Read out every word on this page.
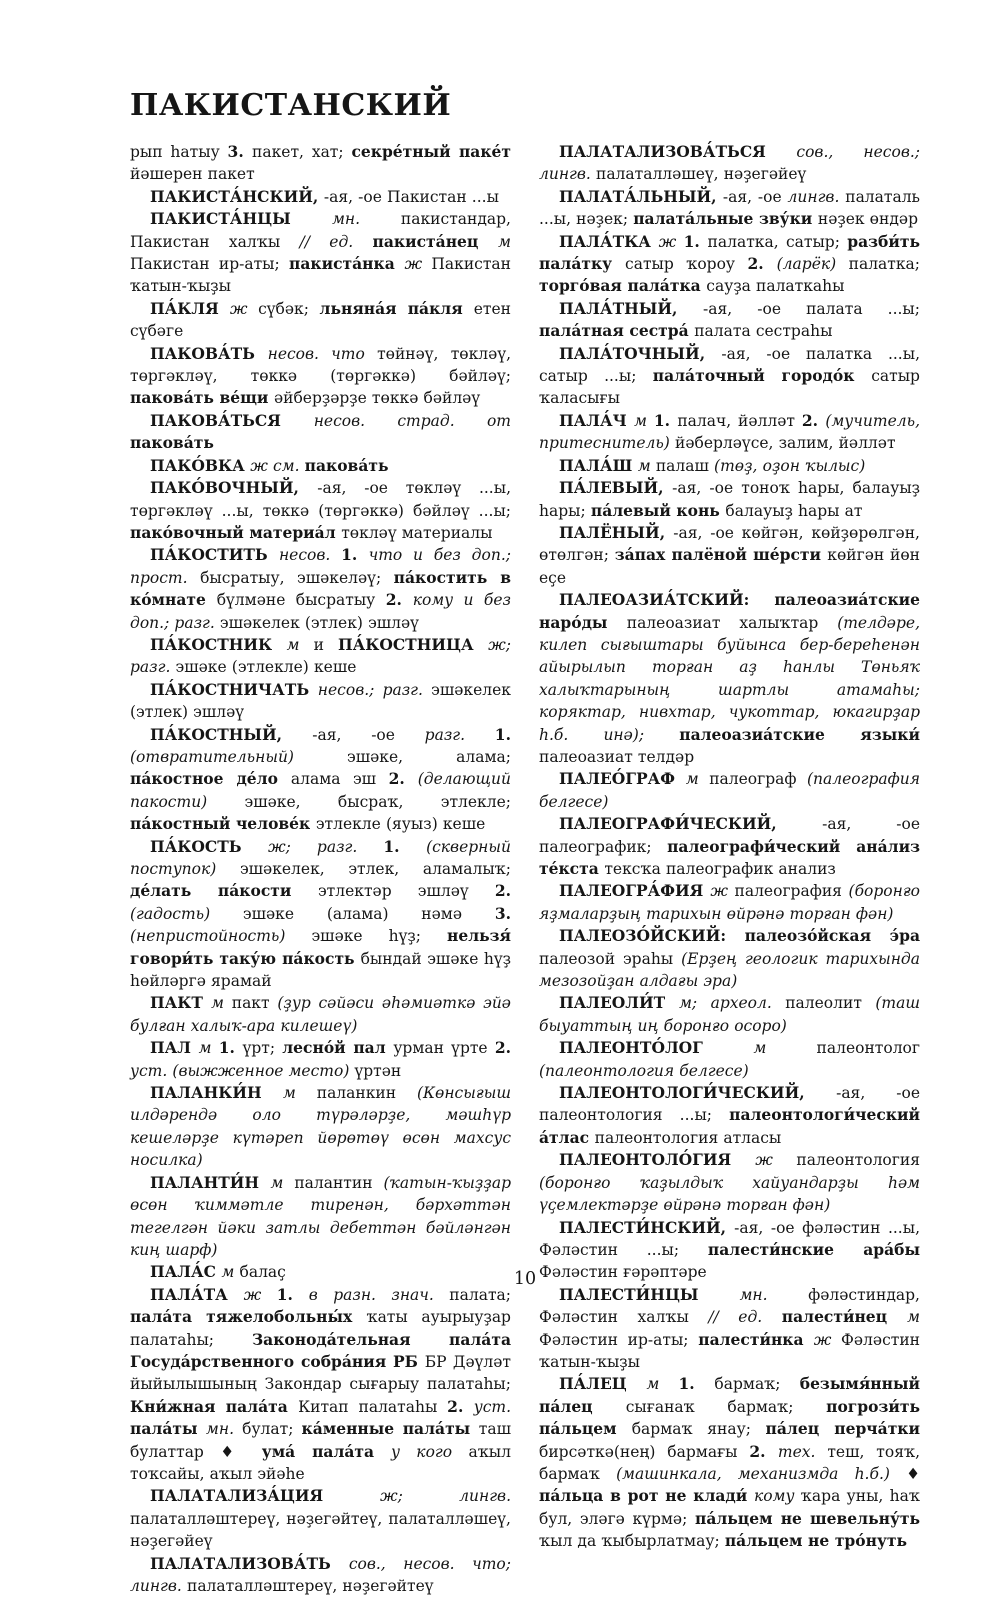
ПАКИСТАНСКИЙ

рып һатыу 3. пакет, хат; секре́тный паке́т йәшерен пакет

ПАКИСТА́НСКИЙ, -ая, -ое Пакистан ...ы

ПАКИСТА́НЦЫ мн. пакистандар, Пакистан халҡы // ед. пакиста́нец м Пакистан ир-аты; пакиста́нка ж Пакистан ҡатын-ҡыҙы

ПА́КЛЯ ж сүбәк; льняна́я па́кля етен сүбәге

ПАКОВА́ТЬ несов. что төйнәү, төкләү, төргәкләү, төккә (төргәккә) бәйләү; пакова́ть ве́щи әйберҙәрҙе төккә бәйләү

ПАКОВА́ТЬСЯ несов. страд. от пакова́ть

ПАКО́ВКА ж см. пакова́ть

ПАКО́ВОЧНЫЙ, -ая, -ое төкләү ...ы, төргәкләү ...ы, төккә (төргәккә) бәйләү ...ы; пако́вочный материа́л төкләү материалы

ПА́КОСТИТЬ несов. 1. что и без доп.; прост. бысратыу, эшәкеләү; па́костить в ко́мнате бүлмәне бысратыу 2. кому и без доп.; разг. эшәкелек (этлек) эшләү

ПА́КОСТНИК м и ПА́КОСТНИЦА ж; разг. эшәке (этлекле) кеше

ПА́КОСТНИЧАТЬ несов.; разг. эшәкелек (этлек) эшләү

ПА́КОСТНЫЙ, -ая, -ое разг. 1. (отвратительный) эшәке, алама; па́костное де́ло алама эш 2. (делающий пакости) эшәке, бысраҡ, этлекле; па́костный челове́к этлекле (яуыз) кеше

ПА́КОСТЬ ж; разг. 1. (скверный поступок) эшәкелек, этлек, аламалыҡ; де́лать па́кости этлектәр эшләү 2. (гадость) эшәке (алама) нәмә 3. (непристойность) эшәке һүҙ; нельзя́ говори́ть таку́ю па́кость бындай эшәке һүҙ һөйләргә ярамай

ПАКТ м пакт (ҙур сәйәси әһәмиәткә эйә булған халыҡ-ара килешеү)

ПАЛ м 1. үрт; лесно́й пал урман үрте 2. уст. (выжженное место) үртән

ПАЛАНКИ́Н м паланкин (Көнсығыш илдәрендә оло түрәләрҙе, мәшһүр кешеләрҙе күтәреп йөрөтөү өсөн махсус носилка)

ПАЛАНТИ́Н м палантин (ҡатын-ҡыҙҙар өсөн ҡиммәтле тиренән, бәрхәттән тегелгән йәки затлы дебеттән бәйләнгән киң шарф)

ПАЛА́С м балаҫ

ПАЛА́ТА ж 1. в разн. знач. палата; пала́та тяжелобольны́х ҡаты ауырыуҙар палатаһы; Законода́тельная пала́та Госуда́рственного собра́ния РБ БР Дәүләт йыйылышының Закондар сығарыу палатаһы; Кни́жная пала́та Китап палатаһы 2. уст. пала́ты мн. булат; ка́менные пала́ты таш булаттар ♦ ума́ пала́та у кого аҡыл тоҡсайы, аҡыл эйәһе

ПАЛАТАЛИЗА́ЦИЯ ж; лингв. палаталләштереү, нәҙегәйтеү, палаталләшеү, нәҙегәйеү

ПАЛАТАЛИЗОВА́ТЬ сов., несов. что; лингв. палаталләштереү, нәҙегәйтеү

ПАЛАТАЛИЗОВА́ТЬСЯ сов., несов.; лингв. палаталләшеү, нәҙегәйеү

ПАЛАТА́ЛЬНЫЙ, -ая, -ое лингв. палаталь ...ы, нәҙек; палата́льные зву́ки нәҙек өндәр

ПАЛА́ТКА ж 1. палатка, сатыр; разби́ть пала́тку сатыр ҡороу 2. (ларёк) палатка; торго́вая пала́тка сауҙа палаткаһы

ПАЛА́ТНЫЙ, -ая, -ое палата ...ы; пала́тная сестра́ палата сестраһы

ПАЛА́ТОЧНЫЙ, -ая, -ое палатка ...ы, сатыр ...ы; пала́точный городо́к сатыр ҡаласығы

ПАЛА́Ч м 1. палач, йәлләт 2. (мучитель, притеснитель) йәберләүсе, залим, йәлләт

ПАЛА́Ш м палаш (төҙ, оҙон ҡылыс)

ПА́ЛЕВЫЙ, -ая, -ое тоноҡ һары, балауыҙ һары; па́левый конь балауыҙ һары ат

ПАЛЁНЫЙ, -ая, -ое көйгән, көйҙөрөлгән, өтөлгән; за́пах палёной ше́рсти көйгән йөн еҫе

ПАЛЕОАЗИА́ТСКИЙ: палеоазиа́тские наро́ды палеоазиат халыҡтар (телдәре, килеп сығыштары буйынса бер-береһенән айырылып торған аҙ һанлы Төньяҡ халыҡтарының шартлы атамаһы; коряктар, нивхтар, чукоттар, юкагирҙар һ.б. инә); палеоазиа́тские языки́ палеоазиат телдәр

ПАЛЕО́ГРАФ м палеограф (палеография белгесе)

ПАЛЕОГРАФИ́ЧЕСКИЙ, -ая, -ое палеографик; палеографи́ческий ана́лиз те́кста тексҡа палеографик анализ

ПАЛЕОГРА́ФИЯ ж палеография (боронғо яҙмаларҙың тарихын өйрәнә торған фән)

ПАЛЕОЗО́ЙСКИЙ: палеозо́йская э́ра палеозой эраһы (Ерҙең геологик тарихында мезозойҙан алдағы эра)

ПАЛЕОЛИ́Т м; археол. палеолит (таш быуаттың иң боронғо осоро)

ПАЛЕОНТО́ЛОГ м палеонтолог (палеонтология белгесе)

ПАЛЕОНТОЛОГИ́ЧЕСКИЙ, -ая, -ое палеонтология ...ы; палеонтологи́ческий а́тлас палеонтология атласы

ПАЛЕОНТОЛО́ГИЯ ж палеонтология (боронғо ҡаҙылдыҡ хайуандарҙы һәм үҫемлектәрҙе өйрәнә торған фән)

ПАЛЕСТИ́НСКИЙ, -ая, -ое фәләстин ...ы, Фәләстин ...ы; палести́нские ара́бы Фәләстин ғәрәптәре

ПАЛЕСТИ́НЦЫ мн. фәләстиндар, Фәләстин халҡы // ед. палести́нец м Фәләстин ир-аты; палести́нка ж Фәләстин ҡатын-ҡыҙы

ПА́ЛЕЦ м 1. бармаҡ; безымя́нный па́лец сығанаҡ бармаҡ; погрози́ть па́льцем бармаҡ янау; па́лец перча́тки бирсәткә(нең) бармағы 2. тех. теш, тояҡ, бармаҡ (машинкала, механизмда һ.б.) ♦ па́льца в рот не клади́ кому ҡара уны, һаҡ бул, эләгә күрмә; па́льцем не шевельну́ть ҡыл да ҡыбырлатмау; па́льцем не тро́нуть

10
